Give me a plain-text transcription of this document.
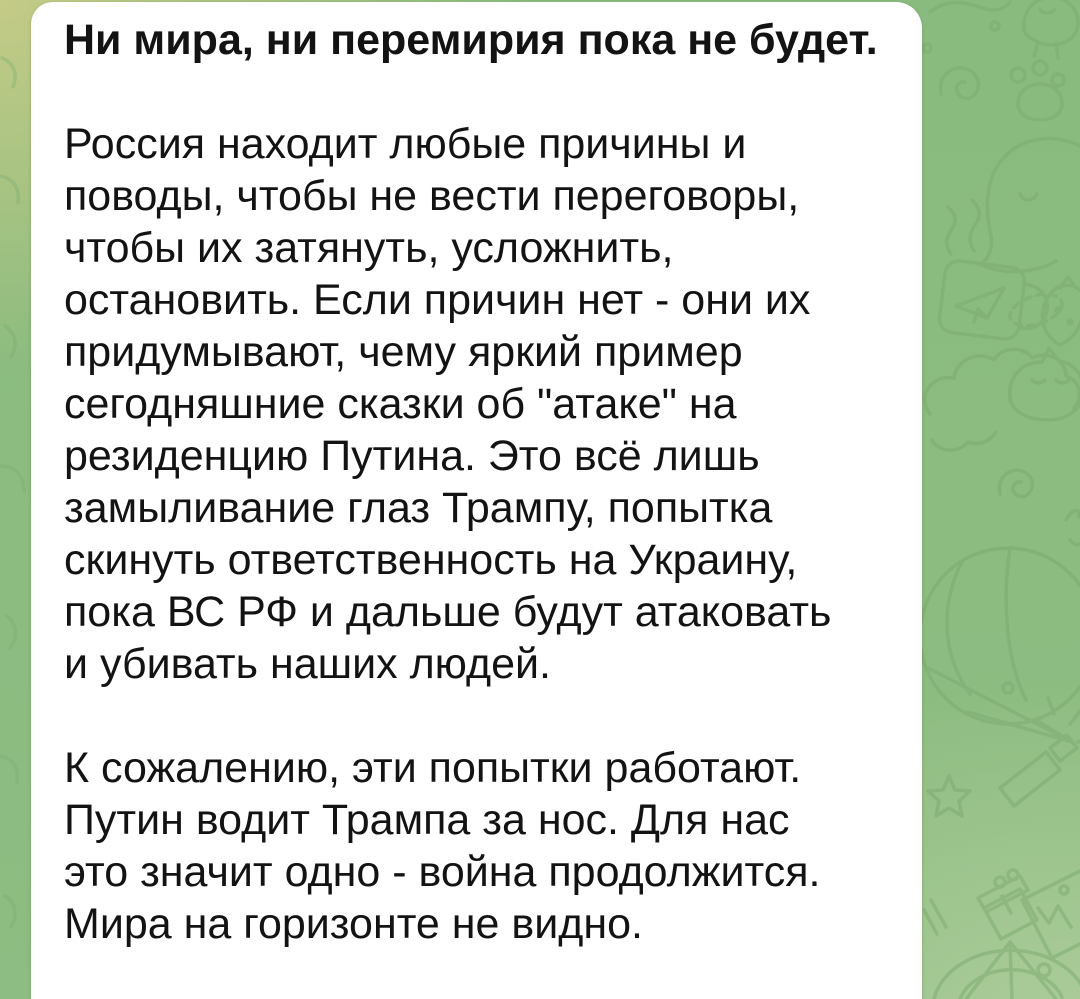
Ни мира, ни перемирия пока не будет.
Россия находит любые причины и
поводы, чтобы не вести переговоры,
чтобы их затянуть, усложнить,
остановить. Если причин нет - они их
придумывают, чему яркий пример
сегодняшние сказки об "атаке" на
резиденцию Путина. Это всё лишь
замыливание глаз Трампу, попытка
скинуть ответственность на Украину,
пока ВС РФ и дальше будут атаковать
и убивать наших людей.
К сожалению, эти попытки работают.
Путин водит Трампа за нос. Для нас
это значит одно - война продолжится.
Мира на горизонте не видно.
